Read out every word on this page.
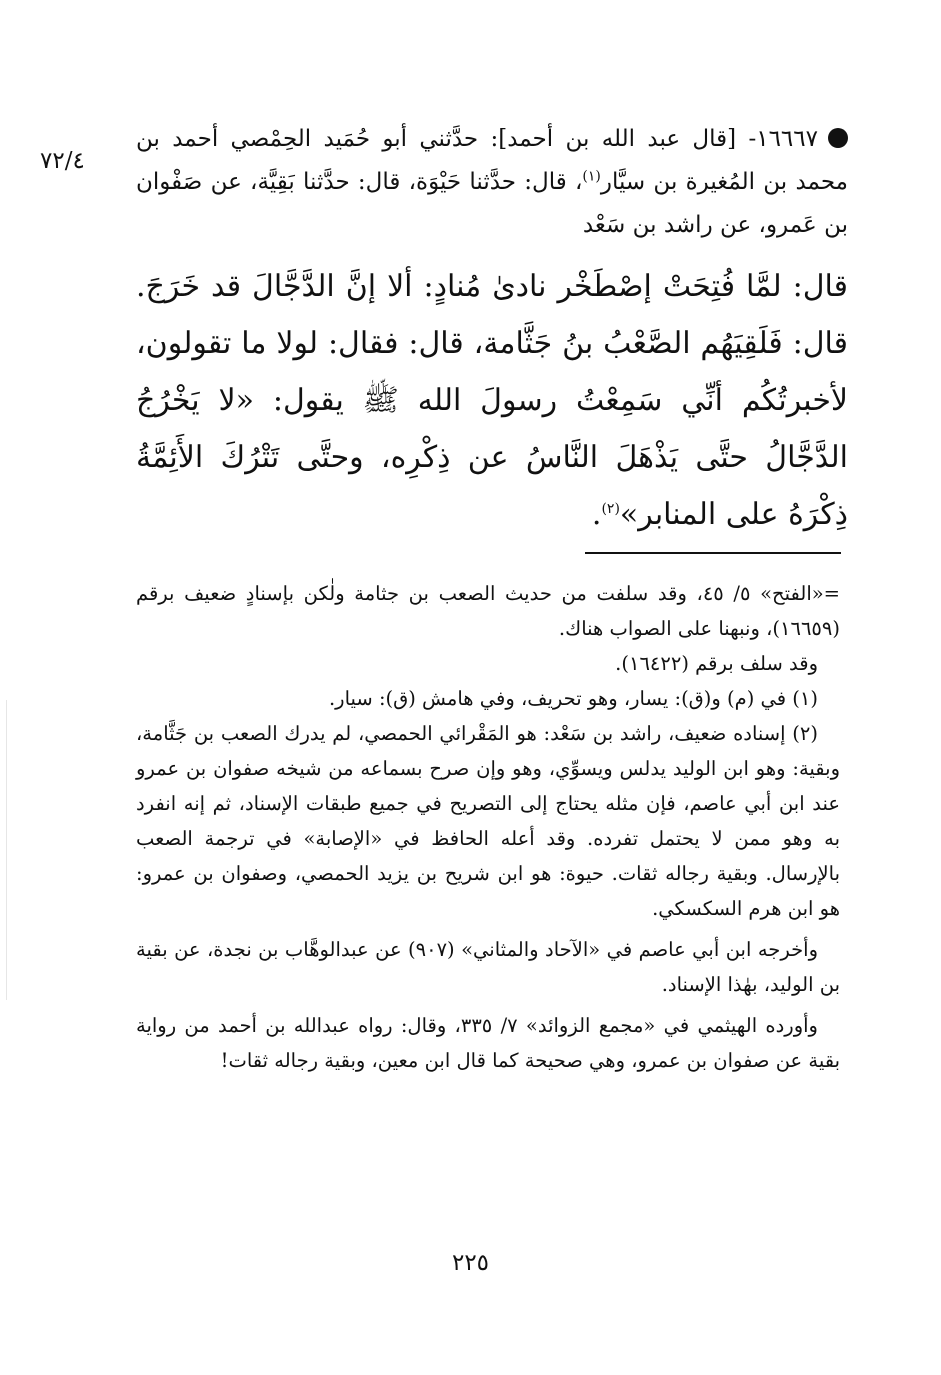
٧٢/٤
١٦٦٦٧- [قال عبد الله بن أحمد]: حدَّثني أبو حُمَيد الحِمْصي أحمد بن محمد بن المُغيرة بن سيَّار$^{(١)}$، قال: حدَّثنا حَيْوَة، قال: حدَّثنا بَقِيَّة، عن صَفْوان بن عَمرو، عن راشد بن سَعْد
قال: لمَّا فُتِحَتْ إصْطَخْر نادىٰ مُنادٍ: ألا إنَّ الدَّجَّالَ قد خَرَجَ. قال: فَلَقِيَهُم الصَّعْبُ بنُ جَثَّامة، قال: فقال: لولا ما تقولون، لأخبرتُكُم أنِّي سَمِعْتُ رسولَ الله ﷺ يقول: «لا يَخْرُجُ الدَّجَّالُ حتَّى يَذْهَلَ النَّاسُ عن ذِكْرِه، وحتَّى تَتْرُكَ الأَئِمَّةُ ذِكْرَهُ على المنابر»$^{(٢)}$.

=«الفتح» ٥/ ٤٥، وقد سلفت من حديث الصعب بن جثامة ولٰكن بإسنادٍ ضعيف برقم (١٦٦٥٩)، ونبهنا على الصواب هناك.

وقد سلف برقم (١٦٤٢٢).

(١) في (م) و(ق): يسار، وهو تحريف، وفي هامش (ق): سيار.

(٢) إسناده ضعيف، راشد بن سَعْد: هو المَقْرائي الحمصي، لم يدرك الصعب بن جَثَّامة، وبقية: وهو ابن الوليد يدلس ويسوِّي، وهو وإن صرح بسماعه من شيخه صفوان بن عمرو عند ابن أبي عاصم، فإن مثله يحتاج إلى التصريح في جميع طبقات الإسناد، ثم إنه انفرد به وهو ممن لا يحتمل تفرده. وقد أعله الحافظ في «الإصابة» في ترجمة الصعب بالإرسال. وبقية رجاله ثقات. حيوة: هو ابن شريح بن يزيد الحمصي، وصفوان بن عمرو: هو ابن هرم السكسكي.

وأخرجه ابن أبي عاصم في «الآحاد والمثاني» (٩٠٧) عن عبدالوهَّاب بن نجدة، عن بقية بن الوليد، بهٰذا الإسناد.

وأورده الهيثمي في «مجمع الزوائد» ٧/ ٣٣٥، وقال: رواه عبدالله بن أحمد من رواية بقية عن صفوان بن عمرو، وهي صحيحة كما قال ابن معين، وبقية رجاله ثقات!

٢٢٥
